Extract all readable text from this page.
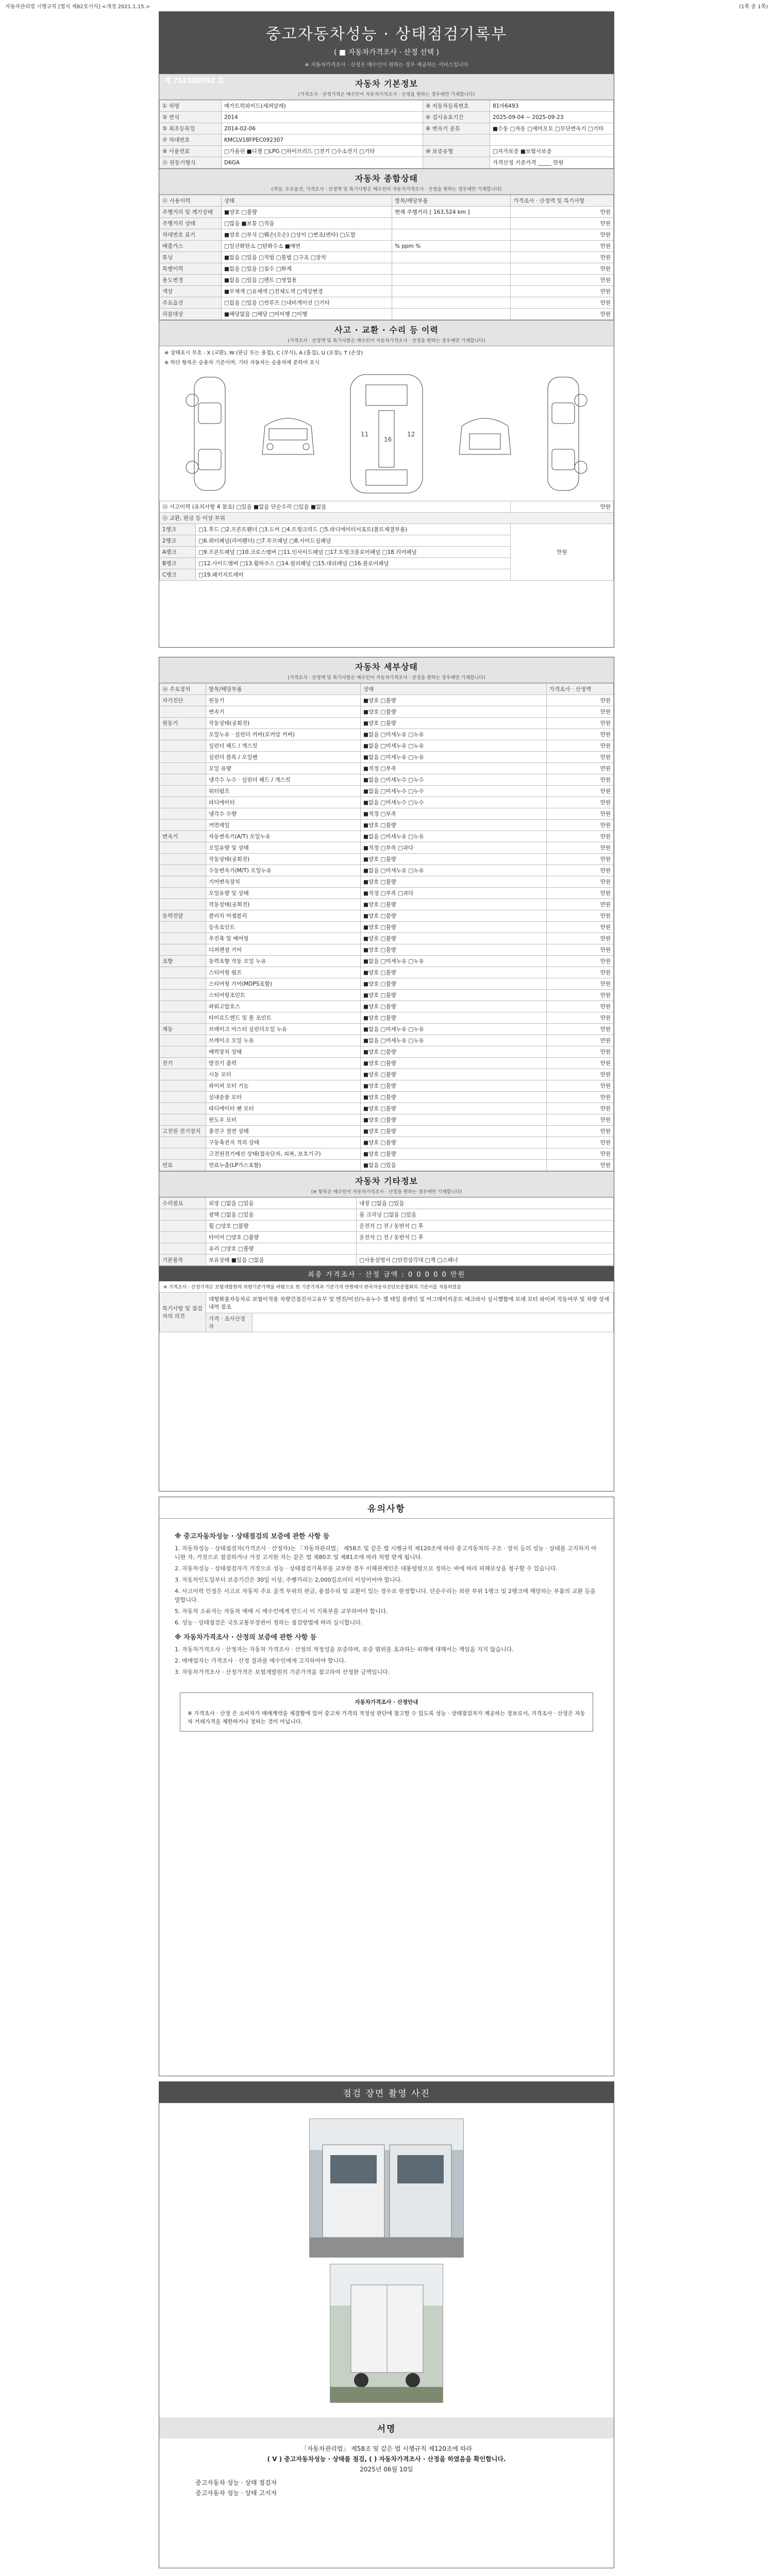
자동차관리법 시행규칙 [별지 제82호서식] <개정 2021.1.15.>	(1쪽 중 1쪽)
중고자동차성능 · 상태점검기록부
( ■ 자동차가격조사 · 산정 선택 )
※ 자동차가격조사 · 산정은 매수인이 원하는 경우 제공하는 서비스입니다
제 752500092 호	자동차 기본정보
(가격조사 · 산정가격은 매수인이 자동차가격조사 · 산정을 원하는 경우에만 기재합니다)
① 차명	메가트럭와이드(세퍼암레)	⑨ 자동차등록번호	81마6493
③ 연식	2014	④ 검사유효기간	2025-09-04 ~ 2025-09-23
⑤ 최초등록일	2014-02-06	⑥ 변속기 종류	■수동 □자동 □세미오토 □무단변속기 □기타
⑦ 차대번호	KMCLV18FPEC092307		
⑧ 사용연료	□가솔린 ■디젤 □LPG □하이브리드 □전기 □수소전기 □기타	⑩ 보증유형	□자가보증 ■보험사보증
⑪ 원동기형식	D6GA		가격산정 기준가격 _____ 만원
자동차 종합상태
(색상, 주요옵션, 가격조사 · 산정액 및 특기사항은 매수인이 자동차가격조사 · 산정을 원하는 경우에만 기재합니다)
⑪ 사용이력	상태	항목/해당부품	가격조사 · 산정액 및 특기사항
주행거리 및 계기상태	■양호 □불량	현재 주행거리 [ 163,524 km ]	만원
주행거리 상태	□많음 ■보통 □적음		만원
차대번호 표기	■양호 □부식 □훼손(오손) □상이 □변조(변타) □도말		만원
배출가스	□일산화탄소 □탄화수소 ■매연	% ppm %	만원
튜닝	■없음 □있음 □적법 □불법 □구조 □장치		만원
특별이력	■없음 □있음 □침수 □화재		만원
용도변경	■없음 □있음 □렌트 □영업용		만원
색상	■무채색 □유채색 □전체도색 □색상변경		만원
주요옵션	□없음 □있음 □썬루프 □네비게이션 □기타		만원
리콜대상	■해당없음 □해당 □미이행 □이행		만원
사고 · 교환 · 수리 등 이력
(가격조사 · 산정액 및 특기사항은 매수인이 자동차가격조사 · 산정을 원하는 경우에만 기재합니다)
※ 상태표시 부호 : X (교환), W (판금 또는 용접), C (부식), A (흠집), U (요철), T (손상)
※ 하단 항목은 승용차 기준이며, 기타 자동차는 승용차에 준하여 표시
16
11	12
⑫ 사고이력 (유의사항 4 참조) □있음 ■없음 단순수리 □있음 ■없음		만원
⑬ 교환, 판금 등 이상 부위		
1랭크	□1.후드 □2.프론트휀더 □3.도어 □4.트렁크리드 □5.라디에이터서포트(볼트체결부품)	만원
2랭크	□6.쿼터패널(리어휀더) □7.루프패널 □8.사이드실패널	
A랭크	□9.프론트패널 □10.크로스멤버 □11.인사이드패널 □17.트렁크플로어패널 □18.리어패널	
B랭크	□12.사이드멤버 □13.휠하우스 □14.필러패널 □15.대쉬패널 □16.플로어패널	
C랭크	□19.패키지트레이	
자동차 세부상태
(가격조사 · 산정액 및 특기사항은 매수인이 자동차가격조사 · 산정을 원하는 경우에만 기재합니다)
⑭ 주요장치	항목/해당부품	상태	가격조사 · 산정액
자기진단	원동기	■양호 □불량	만원
	변속기	■양호 □불량	만원
원동기	작동상태(공회전)	■양호 □불량	만원
	오일누유 · 실린더 커버(로커암 커버)	■없음 □미세누유 □누유	만원
	실린더 헤드 / 개스킷	■없음 □미세누유 □누유	만원
	실린더 블록 / 오일팬	■없음 □미세누유 □누유	만원
	오일 유량	■적정 □부족	만원
	냉각수 누수 · 실린더 헤드 / 개스킷	■없음 □미세누수 □누수	만원
	워터펌프	■없음 □미세누수 □누수	만원
	라디에이터	■없음 □미세누수 □누수	만원
	냉각수 수량	■적정 □부족	만원
	커먼레일	■양호 □불량	만원
변속기	자동변속기(A/T) 오일누유	■없음 □미세누유 □누유	만원
	오일유량 및 상태	■적정 □부족 □과다	만원
	작동상태(공회전)	■양호 □불량	만원
	수동변속기(M/T) 오일누유	■없음 □미세누유 □누유	만원
	기어변속장치	■양호 □불량	만원
	오일유량 및 상태	■적정 □부족 □과다	만원
	작동상태(공회전)	■양호 □불량	만원
동력전달	클러치 어셈블리	■양호 □불량	만원
	등속조인트	■양호 □불량	만원
	추진축 및 베어링	■양호 □불량	만원
	디퍼렌셜 기어	■양호 □불량	만원
조향	동력조향 작동 오일 누유	■없음 □미세누유 □누유	만원
	스티어링 펌프	■양호 □불량	만원
	스티어링 기어(MDPS포함)	■양호 □불량	만원
	스티어링조인트	■양호 □불량	만원
	파워고압호스	■양호 □불량	만원
	타이로드엔드 및 볼 조인트	■양호 □불량	만원
제동	브레이크 마스터 실린더오일 누유	■없음 □미세누유 □누유	만원
	브레이크 오일 누유	■없음 □미세누유 □누유	만원
	배력장치 상태	■양호 □불량	만원
전기	발전기 출력	■양호 □불량	만원
	시동 모터	■양호 □불량	만원
	와이퍼 모터 기능	■양호 □불량	만원
	실내송풍 모터	■양호 □불량	만원
	라디에이터 팬 모터	■양호 □불량	만원
	윈도우 모터	■양호 □불량	만원
고전원 전기장치	충전구 절연 상태	■양호 □불량	만원
	구동축전지 격리 상태	■양호 □불량	만원
	고전원전기배선 상태(접속단자, 피복, 보호기구)	■양호 □불량	만원
연료	연료누출(LP가스포함)	■없음 □있음	만원
자동차 기타정보
(※ 항목은 매수인이 자동차가격조사 · 산정을 원하는 경우에만 기재합니다)
수리필요	외장 □없음 □있음	내장 □없음 □있음
	광택 □없음 □있음	룸 크리닝 □없음 □있음
	휠 □양호 □불량	운전석 □ 전 / 동반석 □ 후
	타이어 □양호 □불량	운전석 □ 전 / 동반석 □ 후
	유리 □양호 □불량	
기본품목	보유상태 ■있음 □없음	□사용설명서 □안전삼각대 □잭 □스패너
최종 가격조사 · 산정 금액 : 0 0 0 0 0 만원
※ 가격조사 · 산정가격은 보험개발원의 차량기준가액을 바탕으로 한 기준가격과 기준가격 만원에서 한국자동차진단보증협회의 기준서를 적용하였음
특기사항 및 점검자의 의견	대형화물자동차로 보험이적용 차량건점진사고유무 및 엔진/미션/누유누수 캠 테일 플레인 및 어그레이카운트 메크라사 실시했함에 모래 모터 와이퍼 작동여부 및 차량 상세 내역 참조	
	가격 · 조사산정자	
유의사항
※ 중고자동차성능 · 상태점검의 보증에 관한 사항 등

1. 자동차성능 · 상태점검자(가격조사 · 산정자)는 「자동차관리법」 제58조 및 같은 법 시행규칙 제120조에 따라 중고자동차의 구조 · 장치 등의 성능 · 상태를 고지하지 아니한 자, 거짓으로 점검하거나 거짓 고지한 자는 같은 법 제80조 및 제81조에 따라 처벌 받게 됩니다.

2. 자동차성능 · 상태점검자가 거짓으로 성능 · 상태점검기록부를 교부한 경우 이해관계인은 대통령령으로 정하는 바에 따라 피해보상을 청구할 수 있습니다.

3. 자동차인도일부터 보증기간은 30일 이상, 주행거리는 2,000킬로미터 이상이어야 합니다.

4. 사고이력 인정은 사고로 자동차 주요 골격 부위의 판금, 용접수리 및 교환이 있는 경우로 한정합니다. 단순수리는 외판 부위 1랭크 및 2랭크에 해당하는 부품의 교환 등을 말합니다.

5. 자동차 소유자는 자동차 매매 시 매수인에게 반드시 이 기록부를 교부하여야 합니다.

6. 성능 · 상태점검은 국토교통부장관이 정하는 점검방법에 따라 실시합니다.

※ 자동차가격조사 · 산정의 보증에 관한 사항 등

1. 자동차가격조사 · 산정자는 자동차 가격조사 · 산정의 적정성을 보증하며, 보증 범위를 초과하는 피해에 대해서는 책임을 지지 않습니다.

2. 매매업자는 가격조사 · 산정 결과를 매수인에게 고지하여야 합니다.

3. 자동차가격조사 · 산정가격은 보험개발원의 기준가격을 참고하여 산정한 금액입니다.

자동차가격조사 · 산정안내
※ 가격조사 · 산정 은 소비자가 매매계약을 체결함에 있어 중고차 가격의 적정성 판단에 참고할 수 있도록 성능 · 상태점검자가 제공하는 정보로서, 가격조사 · 산정은 자동차 거래가격을 제한하거나 정하는 것이 아닙니다.
점검 장면 촬영 사진
서명
「자동차관리법」 제58조 및 같은 법 시행규칙 제120조에 따라
( V ) 중고자동차성능 · 상태를 점검, ( ) 자동차가격조사 · 산정을 하였음을 확인합니다.
2025년 06월 10일
중고자동차 성능 · 상태 점검자
중고자동차 성능 · 상태 고지자
